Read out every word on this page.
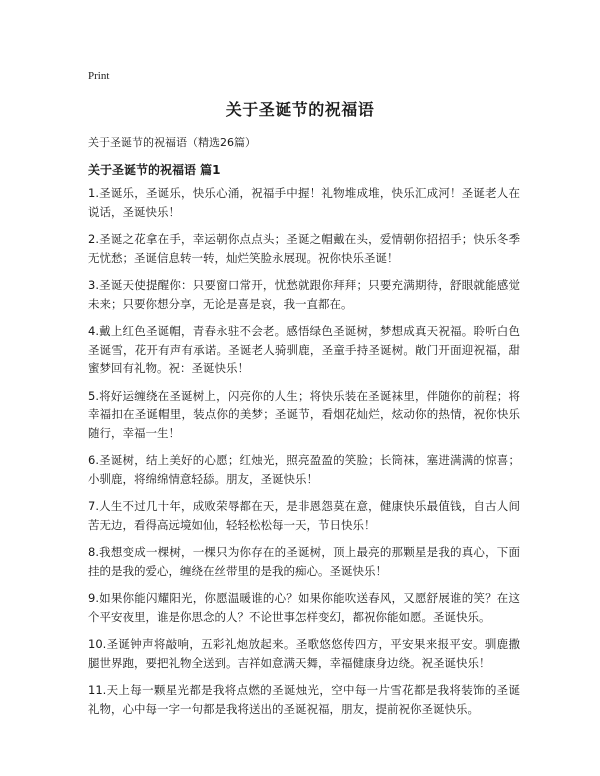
Print
关于圣诞节的祝福语

关于圣诞节的祝福语（精选26篇）

关于圣诞节的祝福语 篇1

1.圣诞乐，圣诞乐，快乐心涌，祝福手中握！礼物堆成堆，快乐汇成河！圣诞老人在说话，圣诞快乐！

2.圣诞之花拿在手，幸运朝你点点头；圣诞之帽戴在头，爱情朝你招招手；快乐冬季无忧愁；圣诞信息转一转，灿烂笑脸永展现。祝你快乐圣诞！

3.圣诞天使提醒你：只要窗口常开，忧愁就跟你拜拜；只要充满期待，舒眼就能感觉未来；只要你想分享，无论是喜是哀，我一直都在。

4.戴上红色圣诞帽，青春永驻不会老。感悟绿色圣诞树，梦想成真天祝福。聆听白色圣诞雪，花开有声有承诺。圣诞老人骑驯鹿，圣童手持圣诞树。敞门开面迎祝福，甜蜜梦回有礼物。祝：圣诞快乐！

5.将好运缠绕在圣诞树上，闪亮你的人生；将快乐装在圣诞袜里，伴随你的前程；将幸福扣在圣诞帽里，装点你的美梦；圣诞节，看烟花灿烂，炫动你的热情，祝你快乐随行，幸福一生！

6.圣诞树，结上美好的心愿；红烛光，照亮盈盈的笑脸；长筒袜，塞进满满的惊喜；小驯鹿，将绵绵情意轻舔。朋友，圣诞快乐！

7.人生不过几十年，成败荣辱都在天，是非恩怨莫在意，健康快乐最值钱，自古人间苦无边，看得高远境如仙，轻轻松松每一天，节日快乐！

8.我想变成一棵树，一棵只为你存在的圣诞树，顶上最亮的那颗星是我的真心，下面挂的是我的爱心，缠绕在丝带里的是我的痴心。圣诞快乐！

9.如果你能闪耀阳光，你愿温暖谁的心？如果你能吹送春风，又愿舒展谁的笑？在这个平安夜里，谁是你思念的人？不论世事怎样变幻，都祝你能如愿。圣诞快乐。

10.圣诞钟声将敲响，五彩礼炮放起来。圣歌悠悠传四方，平安果来报平安。驯鹿撒腿世界跑，要把礼物全送到。吉祥如意满天舞，幸福健康身边绕。祝圣诞快乐！

11.天上每一颗星光都是我将点燃的圣诞烛光，空中每一片雪花都是我将装饰的圣诞礼物，心中每一字一句都是我将送出的圣诞祝福，朋友，提前祝你圣诞快乐。
